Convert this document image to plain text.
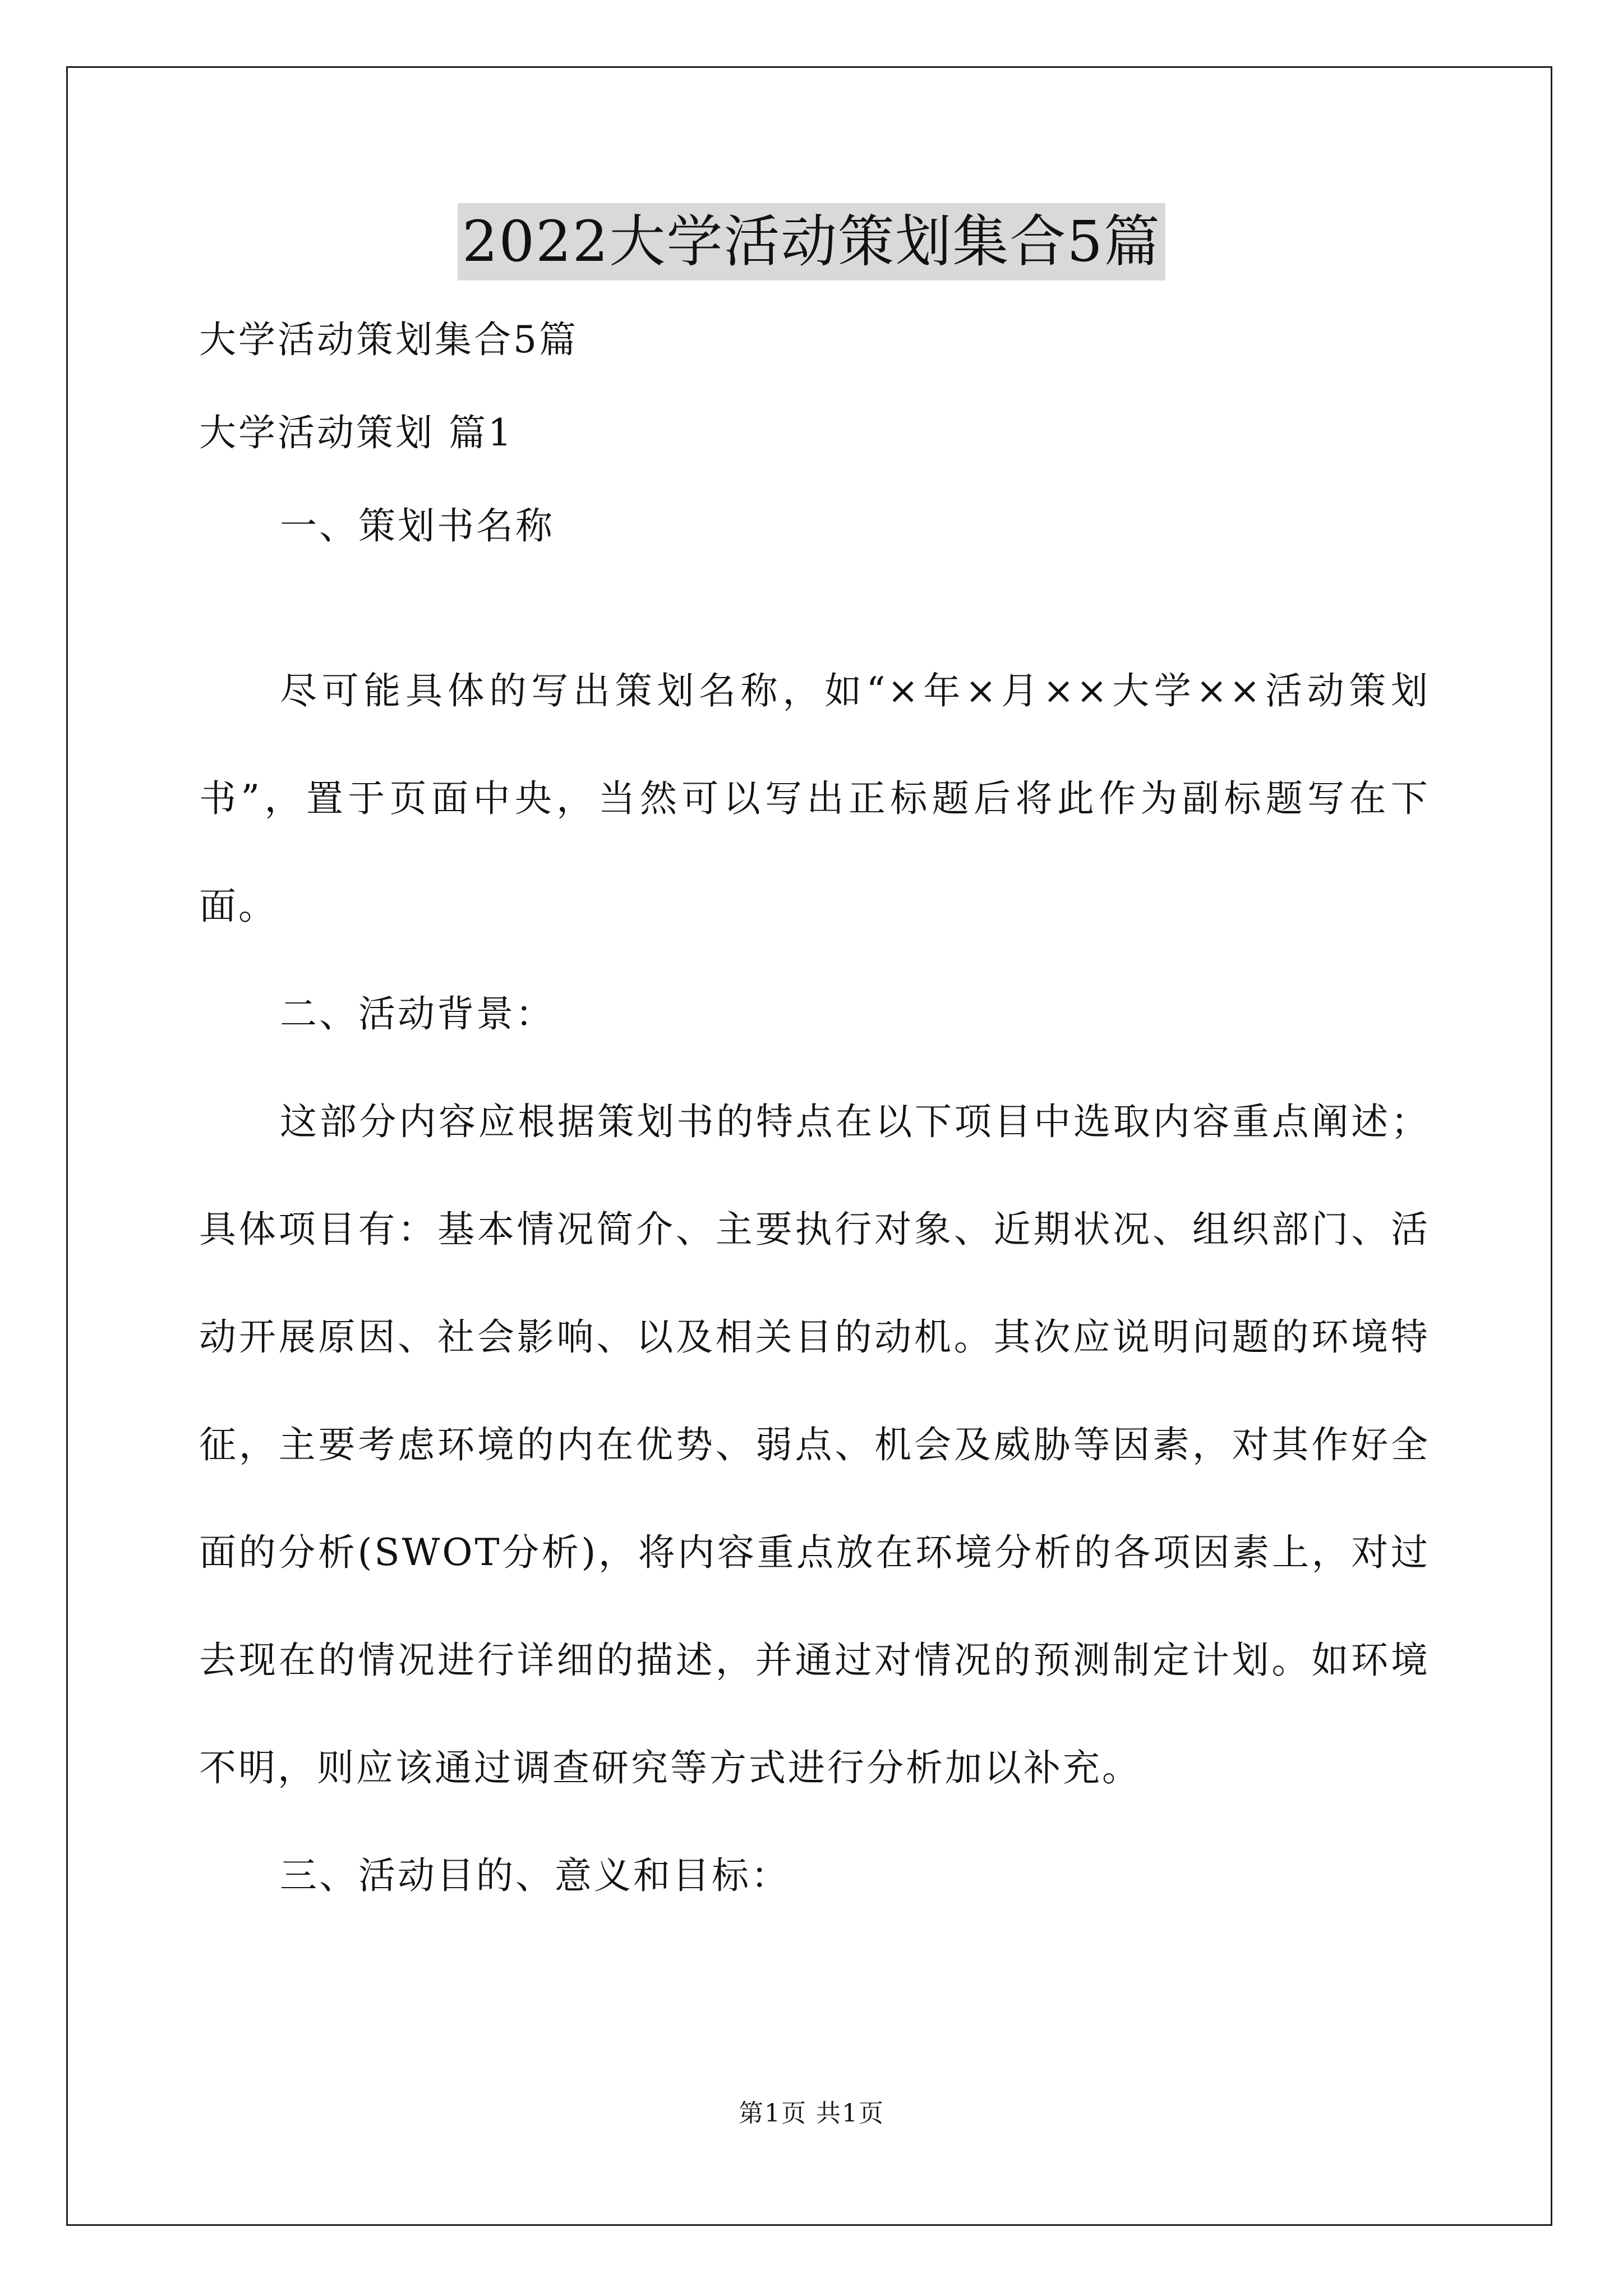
2022大学活动策划集合5篇

大学活动策划集合5篇

大学活动策划 篇1

一、策划书名称

尽可能具体的写出策划名称，如“×年×月××大学××活动策划书”，置于页面中央，当然可以写出正标题后将此作为副标题写在下面。

二、活动背景：

这部分内容应根据策划书的特点在以下项目中选取内容重点阐述；具体项目有：基本情况简介、主要执行对象、近期状况、组织部门、活动开展原因、社会影响、以及相关目的动机。其次应说明问题的环境特征，主要考虑环境的内在优势、弱点、机会及威胁等因素，对其作好全面的分析(SWOT分析)，将内容重点放在环境分析的各项因素上，对过去现在的情况进行详细的描述，并通过对情况的预测制定计划。如环境不明，则应该通过调查研究等方式进行分析加以补充。

三、活动目的、意义和目标：

第1页 共1页
